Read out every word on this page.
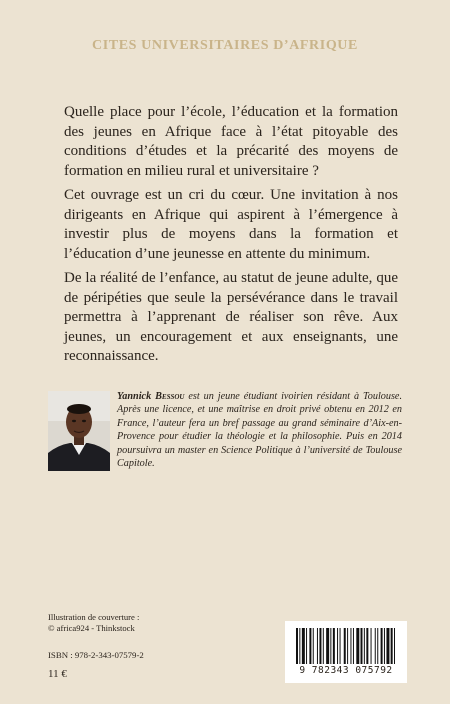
CITES UNIVERSITAIRES D’AFRIQUE

Quelle place pour l’école, l’éducation et la formation des jeunes en Afrique face à l’état pitoyable des conditions d’études et la précarité des moyens de formation en milieu rural et universitaire ?

Cet ouvrage est un cri du cœur. Une invitation à nos dirigeants en Afrique qui aspirent à l’émergence à investir plus de moyens dans la formation et l’éducation d’une jeunesse en attente du minimum.

De la réalité de l’enfance, au statut de jeune adulte, que de péripéties que seule la persévérance dans le travail permettra à l’apprenant de réaliser son rêve. Aux jeunes, un encouragement et aux enseignants, une reconnaissance.

Yannick Bessou est un jeune étudiant ivoirien résidant à Toulouse. Après une licence, et une maîtrise en droit privé obtenu en 2012 en France, l’auteur fera un bref passage au grand séminaire d’Aix-en-Provence pour étudier la théologie et la philosophie. Puis en 2014 poursuivra un master en Science Politique à l’université de Toulouse Capitole.
Illustration de couverture :
© africa924 - Thinkstock
ISBN : 978-2-343-07579-2
11 €	9 782343 075792
